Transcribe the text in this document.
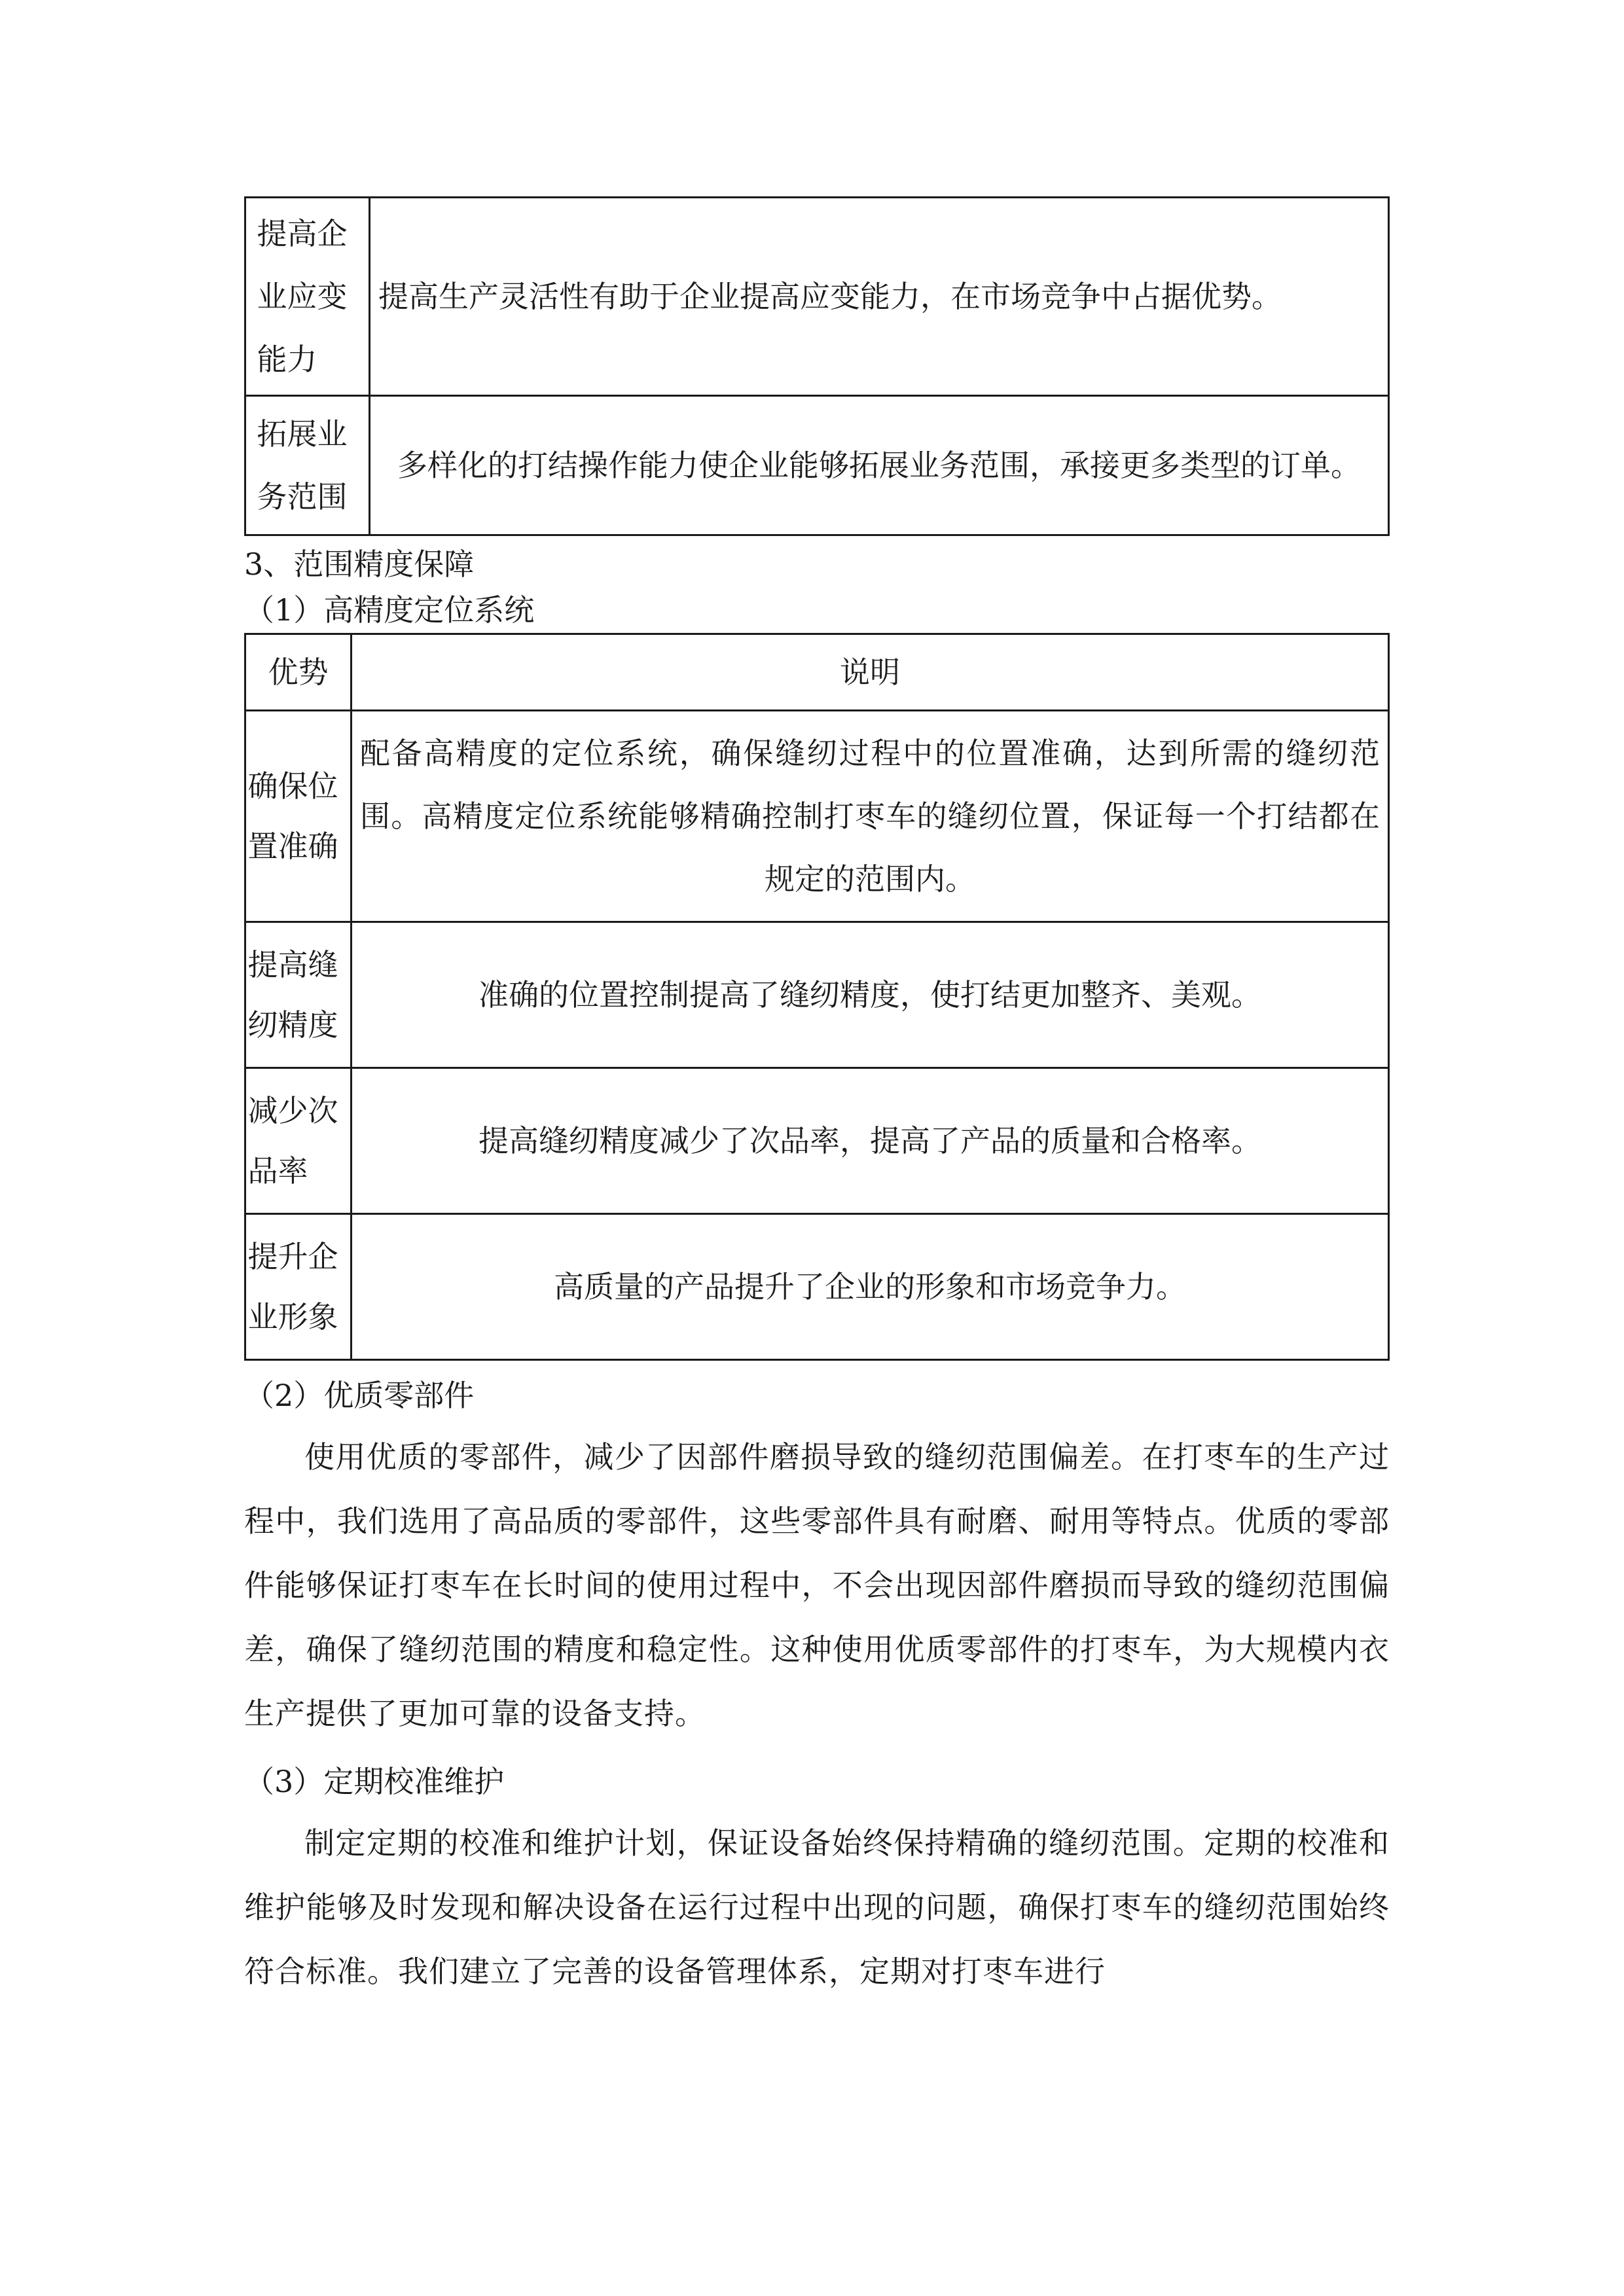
提高企
业应变
能力	提高生产灵活性有助于企业提高应变能力，在市场竞争中占据优势。
拓展业
务范围	多样化的打结操作能力使企业能够拓展业务范围，承接更多类型的订单。

3、范围精度保障

（1）高精度定位系统

优势	说明
确保位
置准确	配备高精度的定位系统，确保缝纫过程中的位置准确，达到所需的缝纫范围。高精度定位系统能够精确控制打枣车的缝纫位置，保证每一个打结都在规定的范围内。
提高缝
纫精度	准确的位置控制提高了缝纫精度，使打结更加整齐、美观。
减少次
品率	提高缝纫精度减少了次品率，提高了产品的质量和合格率。
提升企
业形象	高质量的产品提升了企业的形象和市场竞争力。

（2）优质零部件

使用优质的零部件，减少了因部件磨损导致的缝纫范围偏差。在打枣车的生产过程中，我们选用了高品质的零部件，这些零部件具有耐磨、耐用等特点。优质的零部件能够保证打枣车在长时间的使用过程中，不会出现因部件磨损而导致的缝纫范围偏差，确保了缝纫范围的精度和稳定性。这种使用优质零部件的打枣车，为大规模内衣生产提供了更加可靠的设备支持。

（3）定期校准维护

制定定期的校准和维护计划，保证设备始终保持精确的缝纫范围。定期的校准和维护能够及时发现和解决设备在运行过程中出现的问题，确保打枣车的缝纫范围始终符合标准。我们建立了完善的设备管理体系，定期对打枣车进行
